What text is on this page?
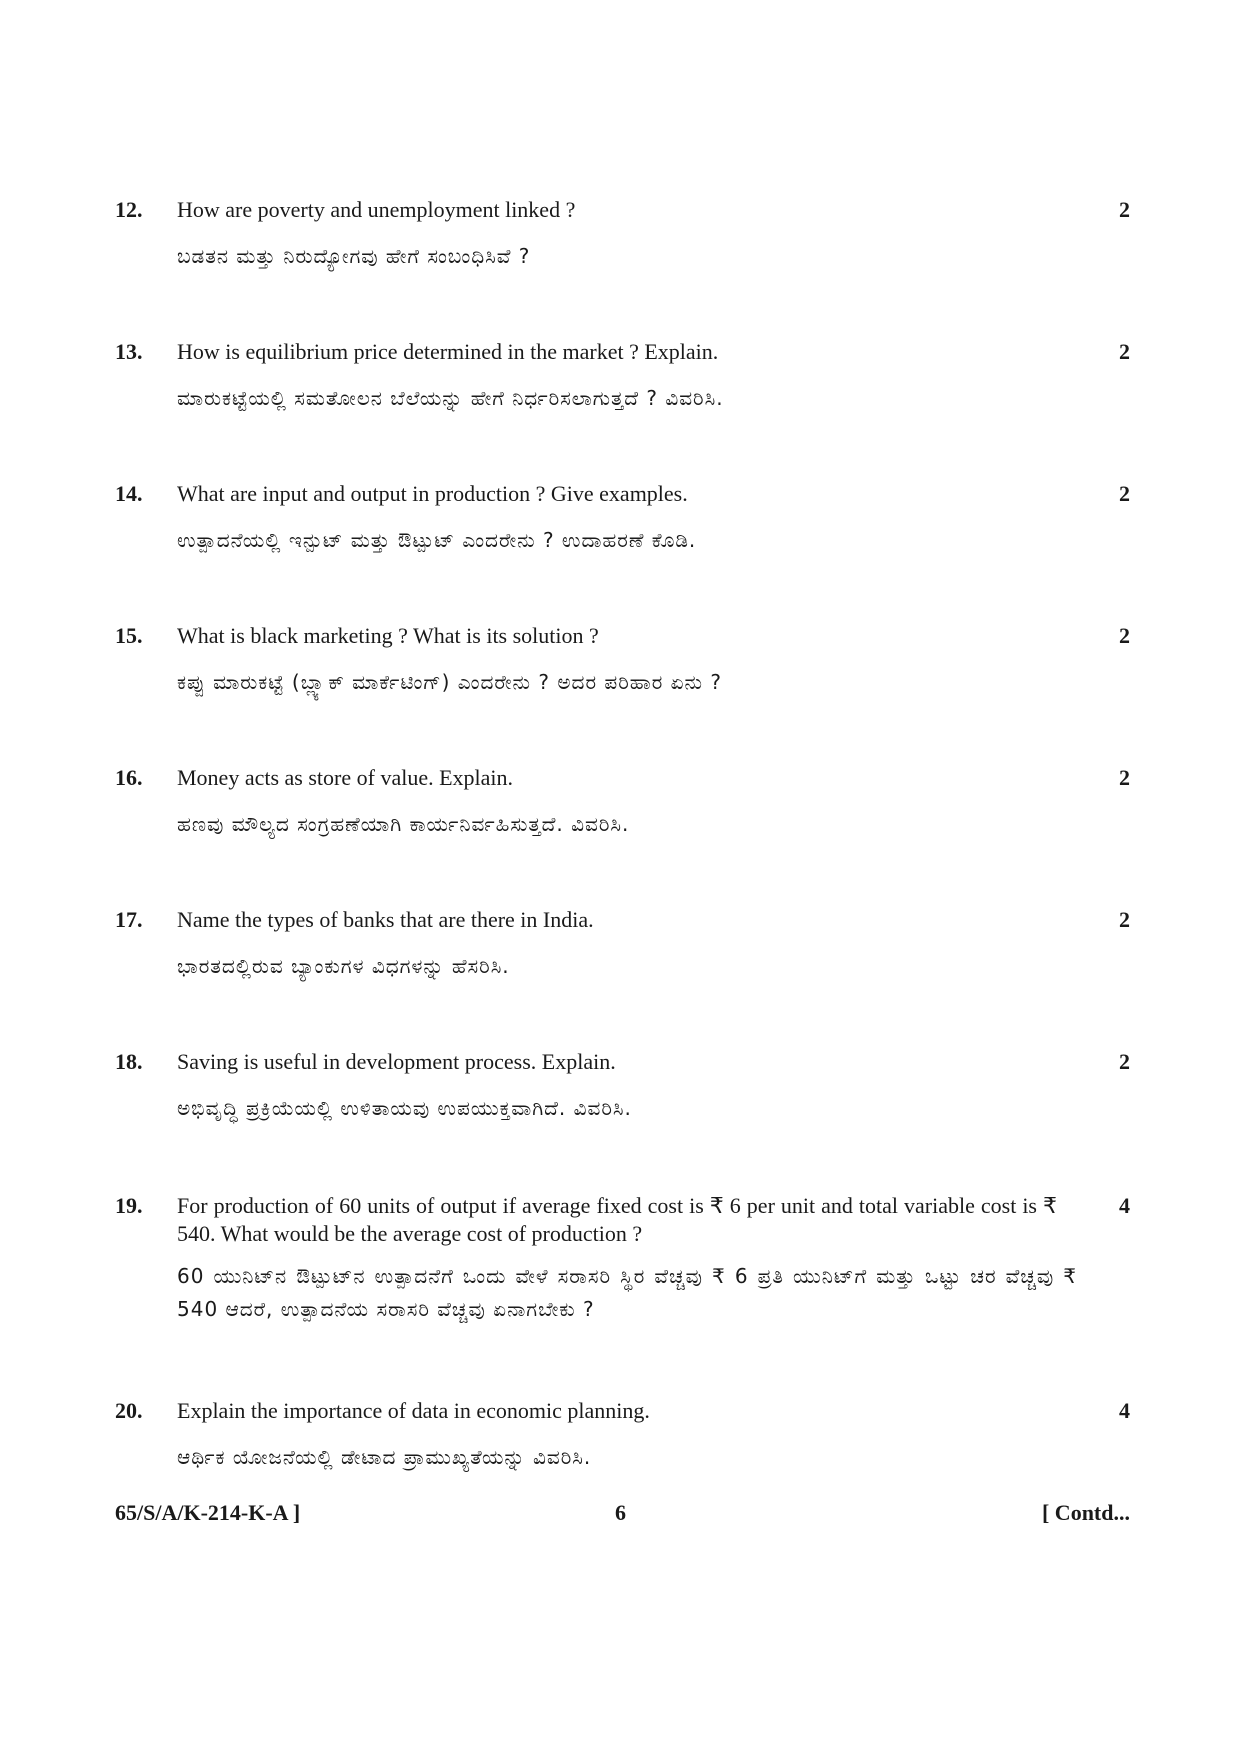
12. How are poverty and unemployment linked ?
ಬಡತನ ಮತ್ತು ನಿರುದ್ಯೋಗವು ಹೇಗೆ ಸಂಬಂಧಿಸಿವೆ ?
2
13. How is equilibrium price determined in the market ? Explain.
ಮಾರುಕಟ್ಟೆಯಲ್ಲಿ ಸಮತೋಲನ ಬೆಲೆಯನ್ನು ಹೇಗೆ ನಿರ್ಧರಿಸಲಾಗುತ್ತದೆ ? ವಿವರಿಸಿ.
2
14. What are input and output in production ? Give examples.
ಉತ್ಪಾದನೆಯಲ್ಲಿ ಇನ್ಪುಟ್ ಮತ್ತು ಔಟ್ಪುಟ್ ಎಂದರೇನು ? ಉದಾಹರಣೆ ಕೊಡಿ.
2
15. What is black marketing ? What is its solution ?
ಕಪ್ಪು ಮಾರುಕಟ್ಟೆ (ಬ್ಲ್ಯಾಕ್ ಮಾರ್ಕೆಟಿಂಗ್) ಎಂದರೇನು ? ಅದರ ಪರಿಹಾರ ಏನು ?
2
16. Money acts as store of value. Explain.
ಹಣವು ಮೌಲ್ಯದ ಸಂಗ್ರಹಣೆಯಾಗಿ ಕಾರ್ಯನಿರ್ವಹಿಸುತ್ತದೆ. ವಿವರಿಸಿ.
2
17. Name the types of banks that are there in India.
ಭಾರತದಲ್ಲಿರುವ ಬ್ಯಾಂಕುಗಳ ವಿಧಗಳನ್ನು ಹೆಸರಿಸಿ.
2
18. Saving is useful in development process. Explain.
ಅಭಿವೃದ್ಧಿ ಪ್ರಕ್ರಿಯೆಯಲ್ಲಿ ಉಳಿತಾಯವು ಉಪಯುಕ್ತವಾಗಿದೆ. ವಿವರಿಸಿ.
2
19. For production of 60 units of output if average fixed cost is ₹ 6 per unit and total variable cost is ₹ 540. What would be the average cost of production ?
60 ಯುನಿಟ್‌ನ ಔಟ್ಪುಟ್‌ನ ಉತ್ಪಾದನೆಗೆ ಒಂದು ವೇಳೆ ಸರಾಸರಿ ಸ್ಥಿರ ವೆಚ್ಚವು ₹ 6 ಪ್ರತಿ ಯುನಿಟ್‌ಗೆ ಮತ್ತು ಒಟ್ಟು ಚರ ವೆಚ್ಚವು ₹ 540 ಆದರೆ, ಉತ್ಪಾದನೆಯ ಸರಾಸರಿ ವೆಚ್ಚವು ಏನಾಗಬೇಕು ?
4
20. Explain the importance of data in economic planning.
ಆರ್ಥಿಕ ಯೋಜನೆಯಲ್ಲಿ ಡೇಟಾದ ಪ್ರಾಮುಖ್ಯತೆಯನ್ನು ವಿವರಿಸಿ.
4
65/S/A/K-214-K-A ]	6	[ Contd...
